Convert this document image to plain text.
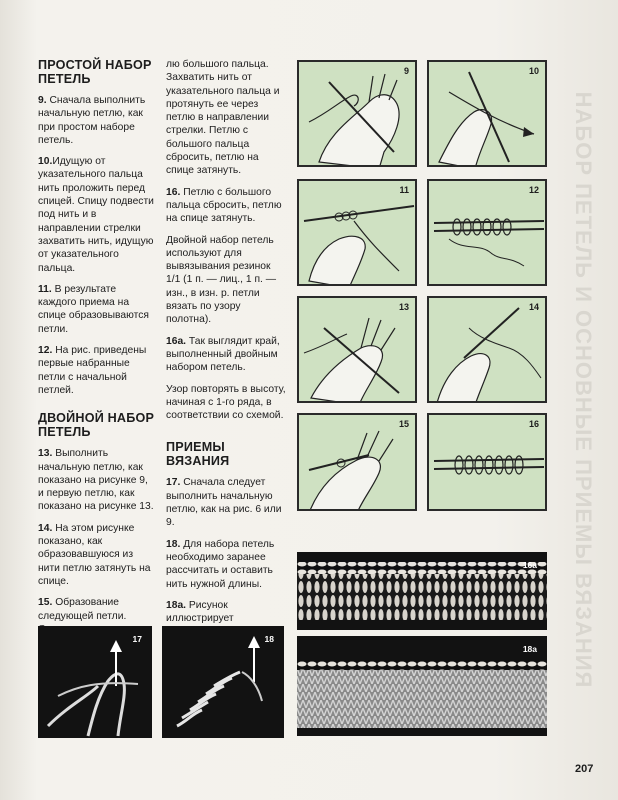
ПРОСТОЙ НАБОР ПЕТЕЛЬ

9. Сначала выполнить начальную петлю, как при простом наборе петель.

10.Идущую от указательного пальца нить проложить перед спицей. Спицу подвести под нить и в направлении стрелки захватить нить, идущую от указательного пальца.

11. В результате каждого приема на спице образовываются петли.

12. На рис. приведены первые набранные петли с начальной петлей.

ДВОЙНОЙ НАБОР ПЕТЕЛЬ

13. Выполнить начальную петлю, как показано на рисунке 9, и первую петлю, как показано на рисунке 13.

14. На этом рисунке показано, как образовавшуюся из нити петлю затянуть на спице.

15. Образование следующей петли.

лю большого пальца. Захватить нить от указательного пальца и протянуть ее через петлю в направлении стрелки. Петлю с большого пальца сбросить, петлю на спице затянуть.

16. Петлю с большого пальца сбросить, петлю на спице затянуть.

Двойной набор петель используют для вывязывания резинок 1/1 (1 п. — лиц., 1 п. — изн., в изн. р. петли вязать по узору полотна).

16а. Так выглядит край, выполненный двойным набором петель.

Узор повторять в высоту, начиная с 1-го ряда, в соответствии со схемой.

ПРИЕМЫ ВЯЗАНИЯ

17. Сначала следует выполнить начальную петлю, как на рис. 6 или 9.

18. Для набора петель необходимо заранее рассчитать и оставить нить нужной длины.

18а. Рисунок иллюстрирует

9	10
11	12
13	14
15	16
16а
18а
17	18	НАБОР ПЕТЕЛЬ И ОСНОВНЫЕ ПРИЕМЫ ВЯЗАНИЯ
207
